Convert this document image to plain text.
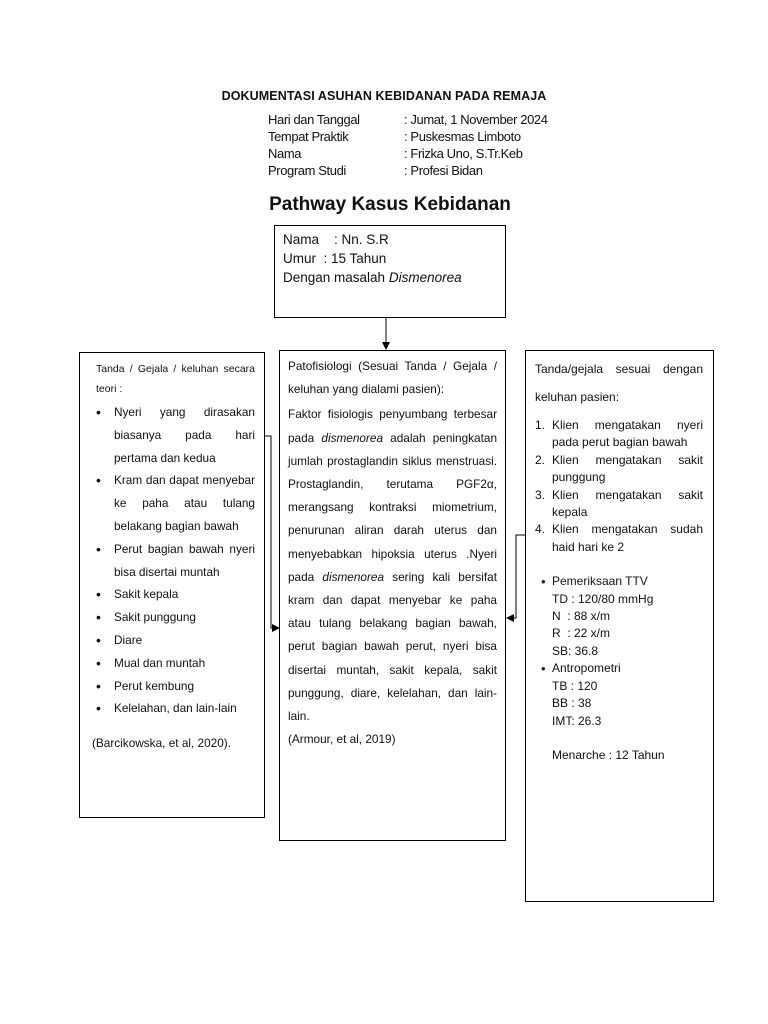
DOKUMENTASI ASUHAN KEBIDANAN PADA REMAJA
Hari dan Tanggal	: Jumat, 1 November 2024
Tempat Praktik	: Puskesmas Limboto
Nama	: Frizka Uno, S.Tr.Keb
Program Studi	: Profesi Bidan
Pathway Kasus Kebidanan
Nama    : Nn. S.R
Umur  : 15 Tahun
Dengan masalah Dismenorea
Tanda / Gejala / keluhan secara teori :
• Nyeri yang dirasakan biasanya pada hari pertama dan kedua
• Kram dan dapat menyebar ke paha atau tulang belakang bagian bawah
• Perut bagian bawah nyeri bisa disertai muntah
• Sakit kepala
• Sakit punggung
• Diare
• Mual dan muntah
• Perut kembung
• Kelelahan, dan lain-lain
(Barcikowska, et al, 2020).
Patofisiologi (Sesuai Tanda / Gejala / keluhan yang dialami pasien):
Faktor fisiologis penyumbang terbesar pada dismenorea adalah peningkatan jumlah prostaglandin siklus menstruasi. Prostaglandin, terutama PGF2α, merangsang kontraksi miometrium, penurunan aliran darah uterus dan menyebabkan hipoksia uterus .Nyeri pada dismenorea sering kali bersifat kram dan dapat menyebar ke paha atau tulang belakang bagian bawah, perut bagian bawah perut, nyeri bisa disertai muntah, sakit kepala, sakit punggung, diare, kelelahan, dan lain-lain.
(Armour, et al, 2019)
Tanda/gejala sesuai dengan keluhan pasien:
1. Klien mengatakan nyeri pada perut bagian bawah
2. Klien mengatakan sakit punggung
3. Klien mengatakan sakit kepala
4. Klien mengatakan sudah haid hari ke 2
• Pemeriksaan TTV
TD : 120/80 mmHg
N  : 88 x/m
R  : 22 x/m
SB: 36.8
• Antropometri
TB : 120
BB : 38
IMT: 26.3
Menarche : 12 Tahun
